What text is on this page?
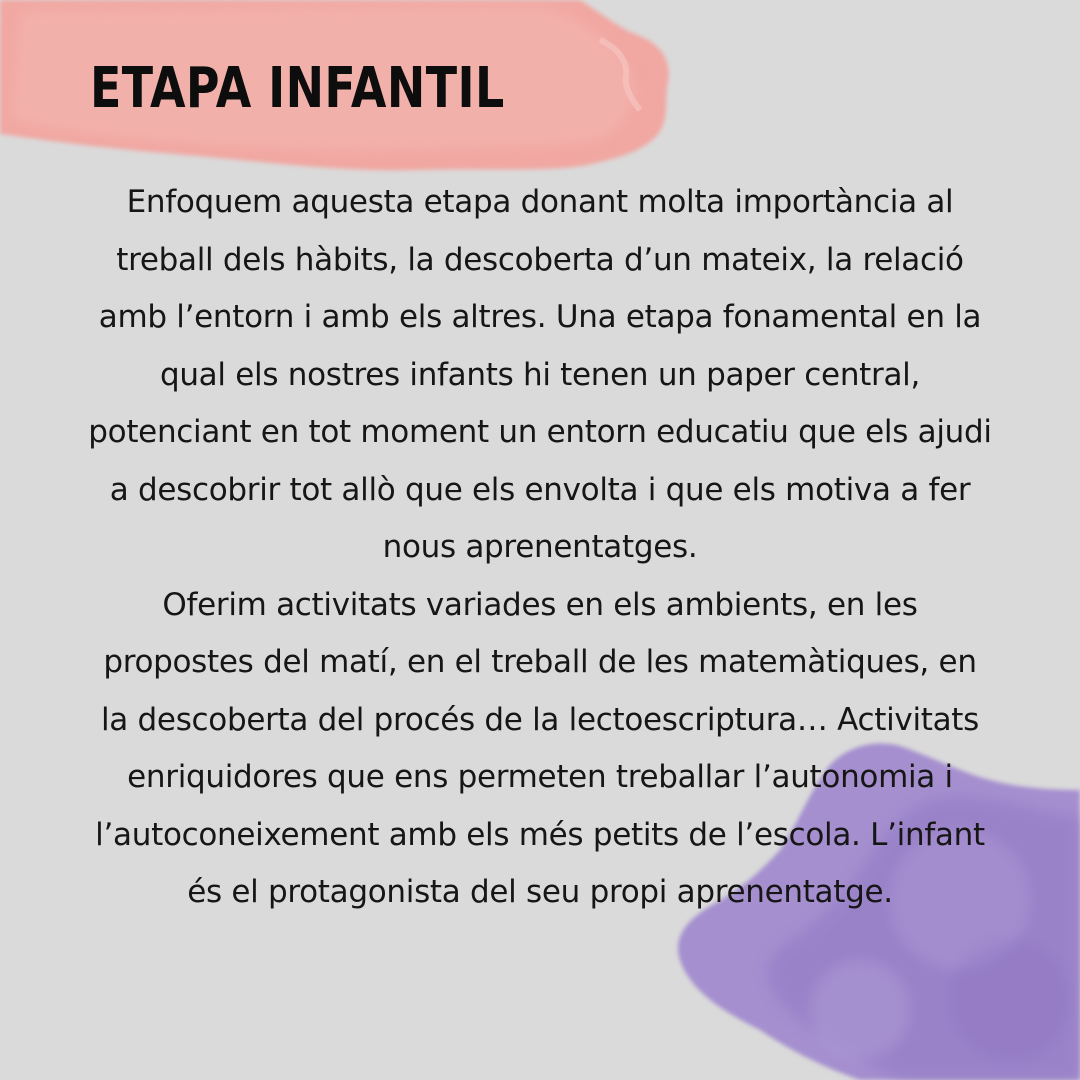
ETAPA INFANTIL

Enfoquem aquesta etapa donant molta importància al treball dels hàbits, la descoberta d’un mateix, la relació amb l’entorn i amb els altres. Una etapa fonamental en la qual els nostres infants hi tenen un paper central, potenciant en tot moment un entorn educatiu que els ajudi a descobrir tot allò que els envolta i que els motiva a fer nous aprenentatges.

Oferim activitats variades en els ambients, en les propostes del matí, en el treball de les matemàtiques, en la descoberta del procés de la lectoescriptura… Activitats enriquidores que ens permeten treballar l’autonomia i l’autoconeixement amb els més petits de l’escola. L’infant és el protagonista del seu propi aprenentatge.
